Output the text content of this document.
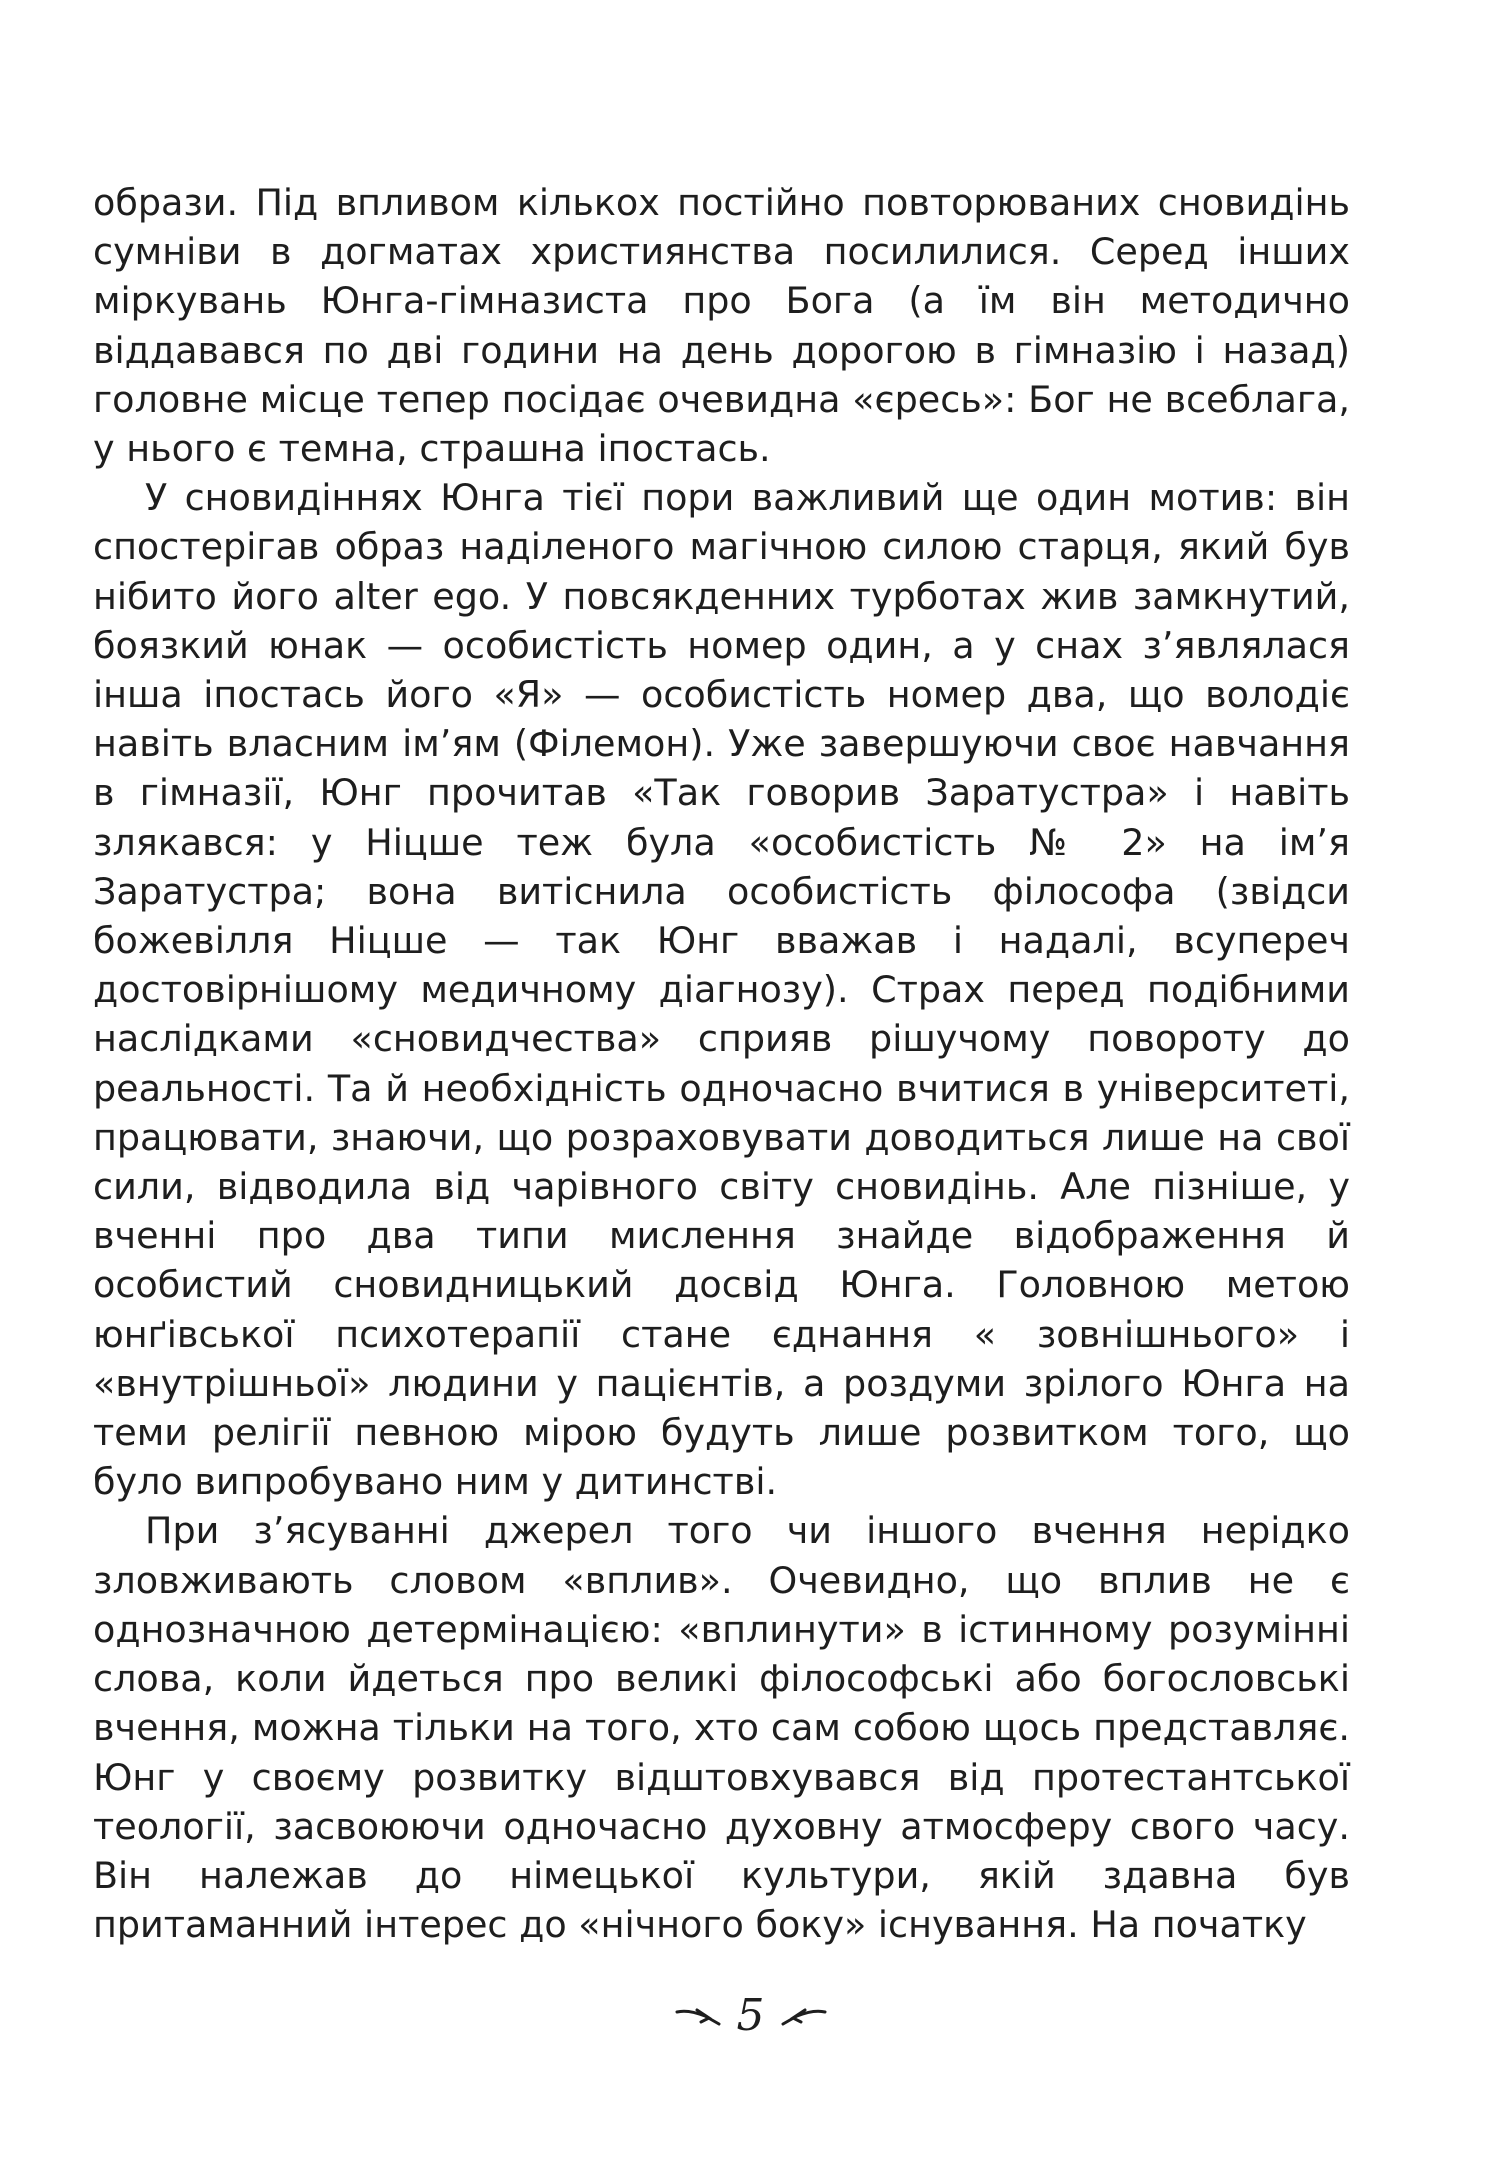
образи. Під впливом кількох постійно повторюваних сновидінь сумніви в догматах християнства посилилися. Серед інших міркувань Юнга-гімназиста про Бога (а їм він методично віддавався по дві години на день дорогою в гімназію і назад) головне місце тепер посідає очевидна «єресь»: Бог не всеблага, у нього є темна, страшна іпостась.

У сновидіннях Юнга тієї пори важливий ще один мотив: він спостерігав образ наділеного магічною силою старця, який був нібито його alter ego. У повсякденних турботах жив замкнутий, боязкий юнак — особистість номер один, а у снах з’являлася інша іпостась його «Я» — особистість номер два, що володіє навіть власним ім’ям (Філемон). Уже завершуючи своє навчання в гімназії, Юнг прочитав «Так говорив Заратустра» і навіть злякався: у Ніцше теж була «особистість № 2» на ім’я Заратустра; вона витіснила особистість філософа (звідси божевілля Ніцше — так Юнг вважав і надалі, всупереч достовірнішому медичному діагнозу). Страх перед подібними наслідками «сновидчества» сприяв рішучому повороту до реальності. Та й необхідність одночасно вчитися в університеті, працювати, знаючи, що розраховувати доводиться лише на свої сили, відводила від чарівного світу сновидінь. Але пізніше, у вченні про два типи мислення знайде відображення й особистий сновидницький досвід Юнга. Головною метою юнґівської психотерапії стане єднання « зовнішнього» і «внутрішньої» людини у пацієнтів, а роздуми зрілого Юнга на теми релігії певною мірою будуть лише розвитком того, що було випробувано ним у дитинстві.

При з’ясуванні джерел того чи іншого вчення нерідко зловживають словом «вплив». Очевидно, що вплив не є однозначною детермінацією: «вплинути» в істинному розумінні слова, коли йдеться про великі філософські або богословські вчення, можна тільки на того, хто сам собою щось представляє. Юнг у своєму розвитку відштовхувався від протестантської теології, засвоюючи одночасно духовну атмосферу свого часу. Він належав до німецької культури, якій здавна був притаманний інтерес до «нічного боку» існування. На початку

5
